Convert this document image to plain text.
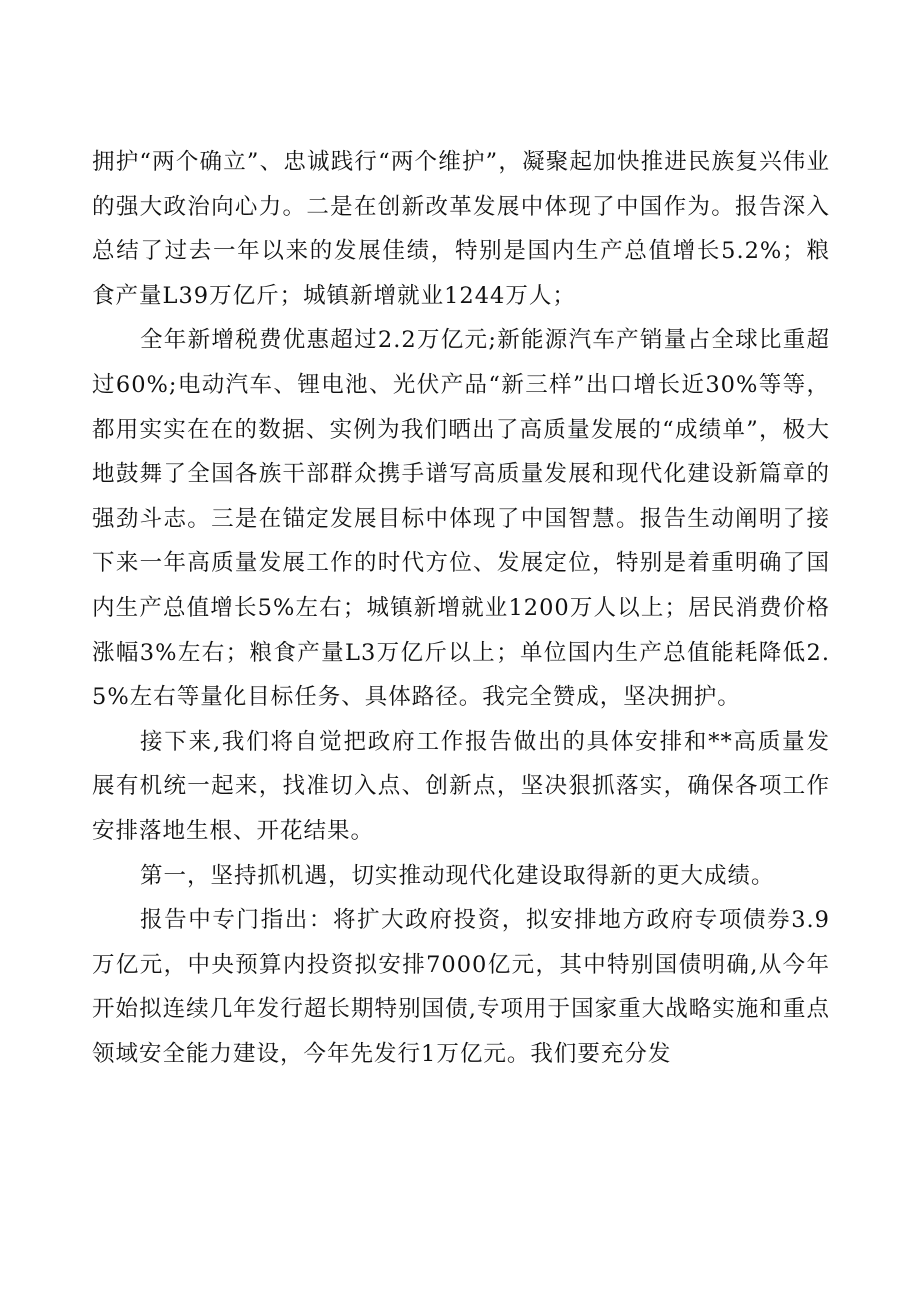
拥护“两个确立”、忠诚践行“两个维护”，凝聚起加快推进民族复兴伟业的强大政治向心力。二是在创新改革发展中体现了中国作为。报告深入总结了过去一年以来的发展佳绩，特别是国内生产总值增长5.2%；粮食产量L39万亿斤；城镇新增就业1244万人；

全年新增税费优惠超过2.2万亿元;新能源汽车产销量占全球比重超过60%;电动汽车、锂电池、光伏产品“新三样”出口增长近30%等等，都用实实在在的数据、实例为我们晒出了高质量发展的“成绩单”，极大地鼓舞了全国各族干部群众携手谱写高质量发展和现代化建设新篇章的强劲斗志。三是在锚定发展目标中体现了中国智慧。报告生动阐明了接下来一年高质量发展工作的时代方位、发展定位，特别是着重明确了国内生产总值增长5%左右；城镇新增就业1200万人以上；居民消费价格涨幅3%左右；粮食产量L3万亿斤以上；单位国内生产总值能耗降低2.5%左右等量化目标任务、具体路径。我完全赞成，坚决拥护。

接下来,我们将自觉把政府工作报告做出的具体安排和**高质量发展有机统一起来，找准切入点、创新点，坚决狠抓落实，确保各项工作安排落地生根、开花结果。

第一，坚持抓机遇，切实推动现代化建设取得新的更大成绩。

报告中专门指出：将扩大政府投资，拟安排地方政府专项债券3.9万亿元，中央预算内投资拟安排7000亿元，其中特别国债明确,从今年开始拟连续几年发行超长期特别国债,专项用于国家重大战略实施和重点领域安全能力建设，今年先发行1万亿元。我们要充分发
